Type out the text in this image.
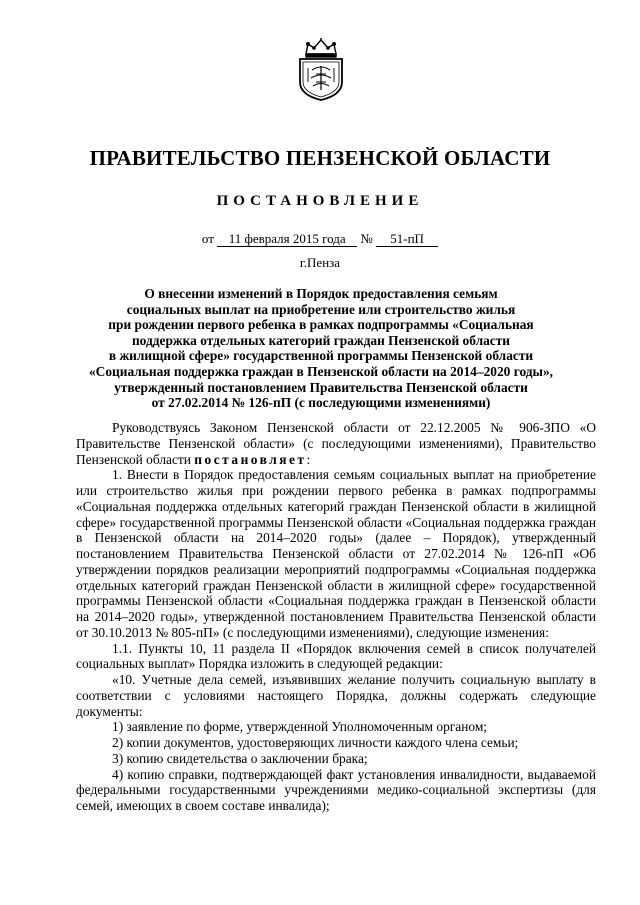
ПРАВИТЕЛЬСТВО ПЕНЗЕНСКОЙ ОБЛАСТИ
ПОСТАНОВЛЕНИЕ
от 11 февраля 2015 года № 51-пП
г.Пенза
О внесении изменений в Порядок предоставления семьям
социальных выплат на приобретение или строительство жилья
при рождении первого ребенка в рамках подпрограммы «Социальная
поддержка отдельных категорий граждан Пензенской области
в жилищной сфере» государственной программы Пензенской области
«Социальная поддержка граждан в Пензенской области на 2014–2020 годы»,
утвержденный постановлением Правительства Пензенской области
от 27.02.2014 № 126-пП (с последующими изменениями)

Руководствуясь Законом Пензенской области от 22.12.2005 № 906-ЗПО «О Правительстве Пензенской области» (с последующими изменениями), Правительство Пензенской области постановляет:

1. Внести в Порядок предоставления семьям социальных выплат на приобретение или строительство жилья при рождении первого ребенка в рамках подпрограммы «Социальная поддержка отдельных категорий граждан Пензенской области в жилищной сфере» государственной программы Пензенской области «Социальная поддержка граждан в Пензенской области на 2014–2020 годы» (далее – Порядок), утвержденный постановлением Правительства Пензенской области от 27.02.2014 № 126-пП «Об утверждении порядков реализации мероприятий подпрограммы «Социальная поддержка отдельных категорий граждан Пензенской области в жилищной сфере» государственной программы Пензенской области «Социальная поддержка граждан в Пензенской области на 2014–2020 годы», утвержденной постановлением Правительства Пензенской области от 30.10.2013 № 805-пП» (с последующими изменениями), следующие изменения:

1.1. Пункты 10, 11 раздела II «Порядок включения семей в список получателей социальных выплат» Порядка изложить в следующей редакции:

«10. Учетные дела семей, изъявивших желание получить социальную выплату в соответствии с условиями настоящего Порядка, должны содержать следующие документы:

1) заявление по форме, утвержденной Уполномоченным органом;

2) копии документов, удостоверяющих личности каждого члена семьи;

3) копию свидетельства о заключении брака;

4) копию справки, подтверждающей факт установления инвалидности, выдаваемой федеральными государственными учреждениями медико-социальной экспертизы (для семей, имеющих в своем составе инвалида);
